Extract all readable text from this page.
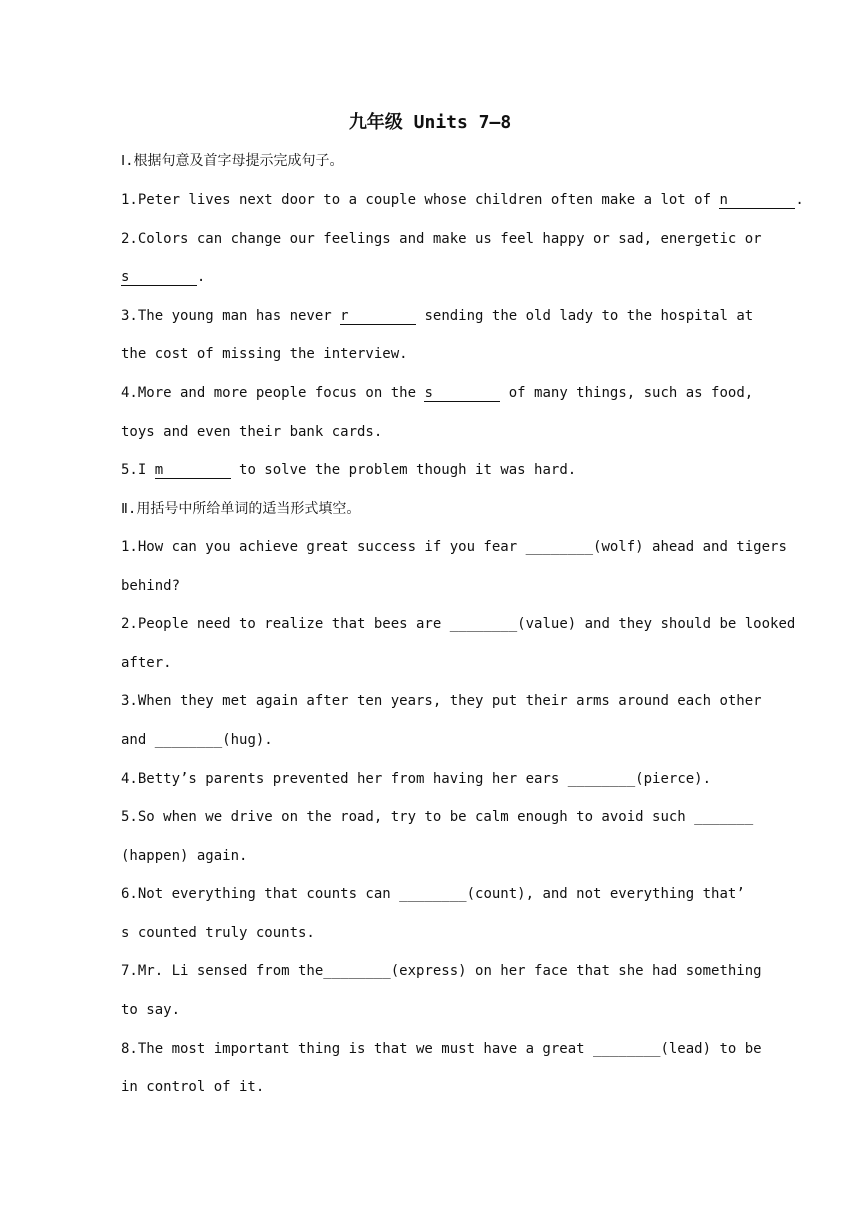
九年级 Units 7—8
Ⅰ.根据句意及首字母提示完成句子。
1.Peter lives next door to a couple whose children often make a lot of n	.
2.Colors can change our feelings and make us feel happy or sad, energetic or
s	.
3.The young man has never r	sending the old lady to the hospital at
the cost of missing the interview.
4.More and more people focus on the s	of many things, such as food,
toys and even their bank cards.
5.I m	to solve the problem though it was hard.
Ⅱ.用括号中所给单词的适当形式填空。
1.How can you achieve great success if you fear ________(wolf) ahead and tigers
behind?
2.People need to realize that bees are ________(value) and they should be looked
after.
3.When they met again after ten years, they put their arms around each other
and ________(hug).
4.Betty’s parents prevented her from having her ears ________(pierce).
5.So when we drive on the road, try to be calm enough to avoid such _______
(happen) again.
6.Not everything that counts can ________(count), and not everything that’
s counted truly counts.
7.Mr. Li sensed from the________(express) on her face that she had something
to say.
8.The most important thing is that we must have a great ________(lead) to be
in control of it.
